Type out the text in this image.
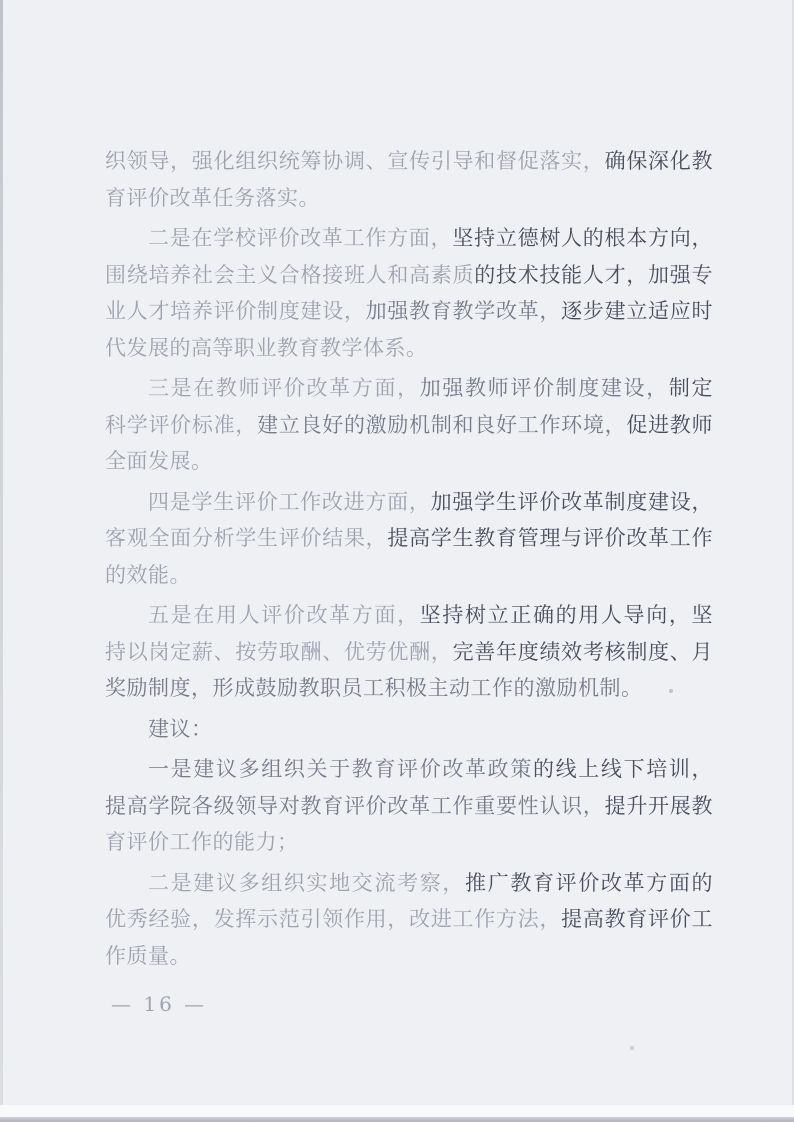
织领导，强化组织统筹协调、宣传引导和督促落实，确保深化教
育评价改革任务落实。
二是在学校评价改革工作方面，坚持立德树人的根本方向，
围绕培养社会主义合格接班人和高素质的技术技能人才，加强专
业人才培养评价制度建设，加强教育教学改革，逐步建立适应时
代发展的高等职业教育教学体系。
三是在教师评价改革方面，加强教师评价制度建设，制定
科学评价标准，建立良好的激励机制和良好工作环境，促进教师
全面发展。
四是学生评价工作改进方面，加强学生评价改革制度建设，
客观全面分析学生评价结果，提高学生教育管理与评价改革工作
的效能。
五是在用人评价改革方面，坚持树立正确的用人导向，坚
持以岗定薪、按劳取酬、优劳优酬，完善年度绩效考核制度、月
奖励制度，形成鼓励教职员工积极主动工作的激励机制。
建议：
一是建议多组织关于教育评价改革政策的线上线下培训，
提高学院各级领导对教育评价改革工作重要性认识，提升开展教
育评价工作的能力；
二是建议多组织实地交流考察，推广教育评价改革方面的
优秀经验，发挥示范引领作用，改进工作方法，提高教育评价工
作质量。
— 16 —
